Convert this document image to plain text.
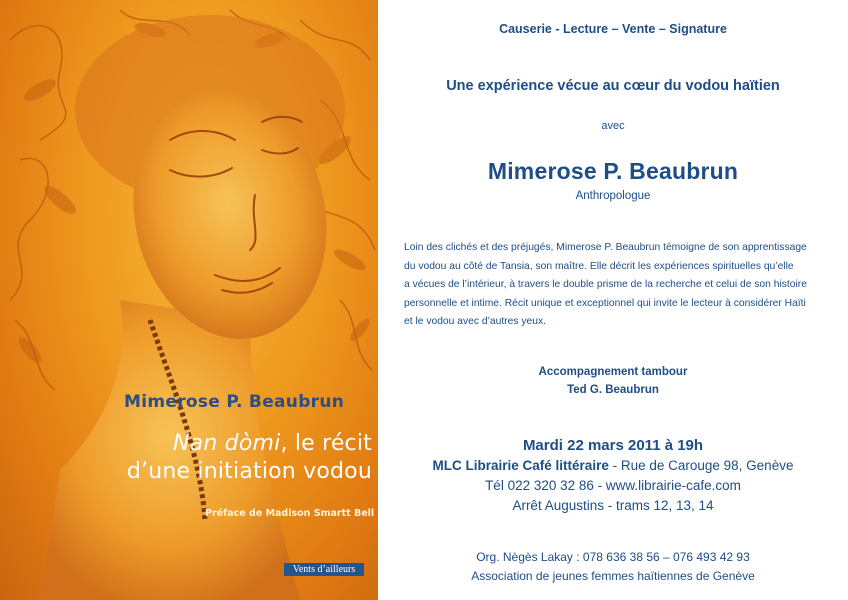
Mimerose P. Beaubrun
Nan dòmi, le récit
d’une initiation vodou
Préface de Madison Smartt Bell
Vents d’ailleurs
Causerie - Lecture – Vente – Signature
Une expérience vécue au cœur du vodou haïtien
avec
Mimerose P. Beaubrun
Anthropologue
Loin des clichés et des préjugés, Mimerose P. Beaubrun témoigne de son apprentissage
du vodou au côté de Tansia, son maître. Elle décrit les expériences spirituelles qu’elle
a vécues de l’intérieur, à travers le double prisme de la recherche et celui de son histoire
personnelle et intime. Récit unique et exceptionnel qui invite le lecteur à considérer Haïti
et le vodou avec d’autres yeux.
Accompagnement tambour
Ted G. Beaubrun
Mardi 22 mars 2011 à 19h
MLC Librairie Café littéraire - Rue de Carouge 98, Genève
Tél 022 320 32 86 - www.librairie-cafe.com
Arrêt Augustins - trams 12, 13, 14
Org. Nègès Lakay : 078 636 38 56 – 076 493 42 93
Association de jeunes femmes haïtiennes de Genève
